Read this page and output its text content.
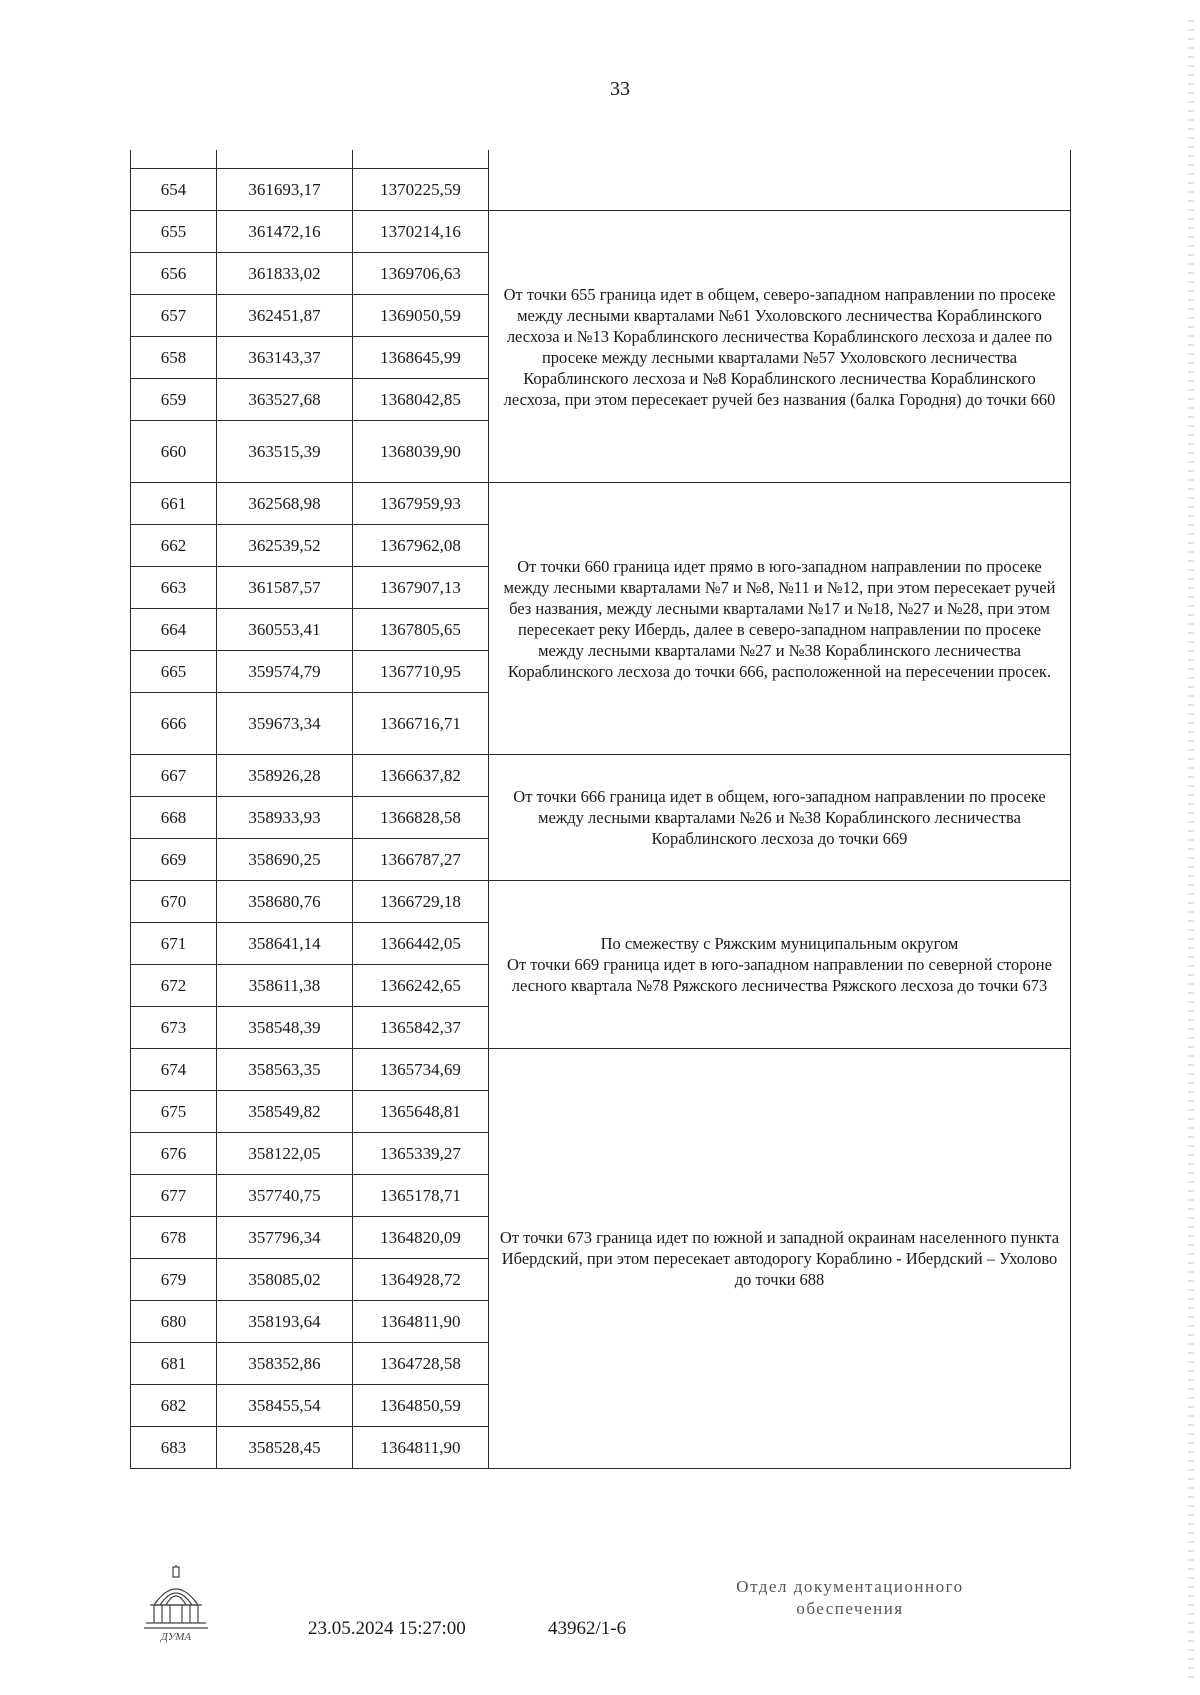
33

654	361693,17	1370225,59	
655	361472,16	1370214,16	От точки 655 граница идет в общем, северо-западном направлении по просеке между лесными кварталами №61 Ухоловского лесничества Кораблинского лесхоза и №13 Кораблинского лесничества Кораблинского лесхоза и далее по просеке между лесными кварталами №57 Ухоловского лесничества Кораблинского лесхоза и №8 Кораблинского лесничества Кораблинского лесхоза, при этом пересекает ручей без названия (балка Городня) до точки 660
656	361833,02	1369706,63	
657	362451,87	1369050,59	
658	363143,37	1368645,99	
659	363527,68	1368042,85	
660	363515,39	1368039,90	
661	362568,98	1367959,93	От точки 660 граница идет прямо в юго-западном направлении по просеке между лесными кварталами №7 и №8, №11 и №12, при этом пересекает ручей без названия, между лесными кварталами №17 и №18, №27 и №28, при этом пересекает реку Ибердь, далее в северо-западном направлении по просеке между лесными кварталами №27 и №38 Кораблинского лесничества Кораблинского лесхоза до точки 666, расположенной на пересечении просек.
662	362539,52	1367962,08	
663	361587,57	1367907,13	
664	360553,41	1367805,65	
665	359574,79	1367710,95	
666	359673,34	1366716,71	
667	358926,28	1366637,82	От точки 666 граница идет в общем, юго-западном направлении по просеке между лесными кварталами №26 и №38 Кораблинского лесничества Кораблинского лесхоза до точки 669
668	358933,93	1366828,58	
669	358690,25	1366787,27	
670	358680,76	1366729,18	По смежеству с Ряжским муниципальным округом
От точки 669 граница идет в юго-западном направлении по северной стороне лесного квартала №78 Ряжского лесничества Ряжского лесхоза до точки 673
671	358641,14	1366442,05	
672	358611,38	1366242,65	
673	358548,39	1365842,37	
674	358563,35	1365734,69	От точки 673 граница идет по южной и западной окраинам населенного пункта Ибердский, при этом пересекает автодорогу Кораблино - Ибердский – Ухолово до точки 688
675	358549,82	1365648,81	
676	358122,05	1365339,27	
677	357740,75	1365178,71	
678	357796,34	1364820,09	
679	358085,02	1364928,72	
680	358193,64	1364811,90	
681	358352,86	1364728,58	
682	358455,54	1364850,59	
683	358528,45	1364811,90	
ДУМА	23.05.2024 15:27:00	43962/1-6
Отдел документационного обеспечения
